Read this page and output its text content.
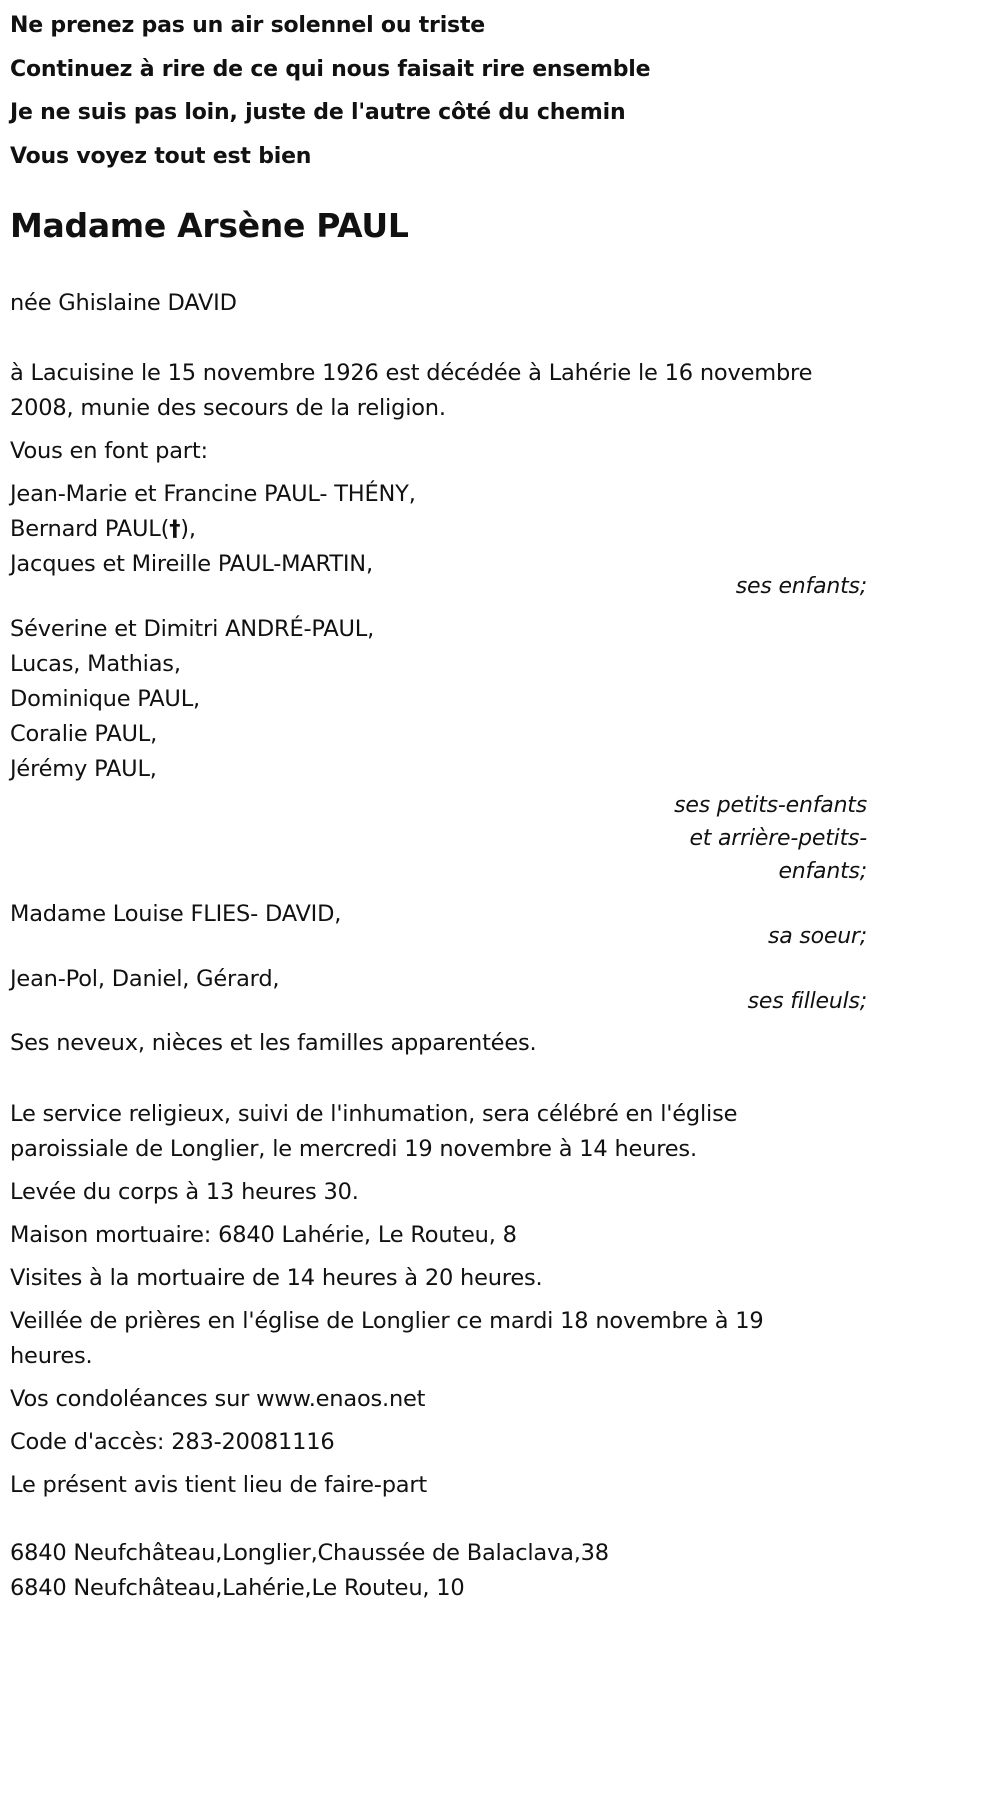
Ne prenez pas un air solennel ou triste

Continuez à rire de ce qui nous faisait rire ensemble

Je ne suis pas loin, juste de l'autre côté du chemin

Vous voyez tout est bien

Madame Arsène PAUL

née Ghislaine DAVID

à Lacuisine le 15 novembre 1926 est décédée à Lahérie le 16 novembre

2008, munie des secours de la religion.

Vous en font part:

Jean-Marie et Francine PAUL- THÉNY,

Bernard PAUL(†),

Jacques et Mireille PAUL-MARTIN,

ses enfants;

Séverine et Dimitri ANDRÉ-PAUL,

Lucas, Mathias,

Dominique PAUL,

Coralie PAUL,

Jérémy PAUL,

ses petits-enfants
et arrière-petits-
enfants;

Madame Louise FLIES- DAVID,

sa soeur;

Jean-Pol, Daniel, Gérard,

ses filleuls;

Ses neveux, nièces et les familles apparentées.

Le service religieux, suivi de l'inhumation, sera célébré en l'église

paroissiale de Longlier, le mercredi 19 novembre à 14 heures.

Levée du corps à 13 heures 30.

Maison mortuaire: 6840 Lahérie, Le Routeu, 8

Visites à la mortuaire de 14 heures à 20 heures.

Veillée de prières en l'église de Longlier ce mardi 18 novembre à 19

heures.

Vos condoléances sur www.enaos.net

Code d'accès: 283-20081116

Le présent avis tient lieu de faire-part

6840 Neufchâteau,Longlier,Chaussée de Balaclava,38

6840 Neufchâteau,Lahérie,Le Routeu, 10
